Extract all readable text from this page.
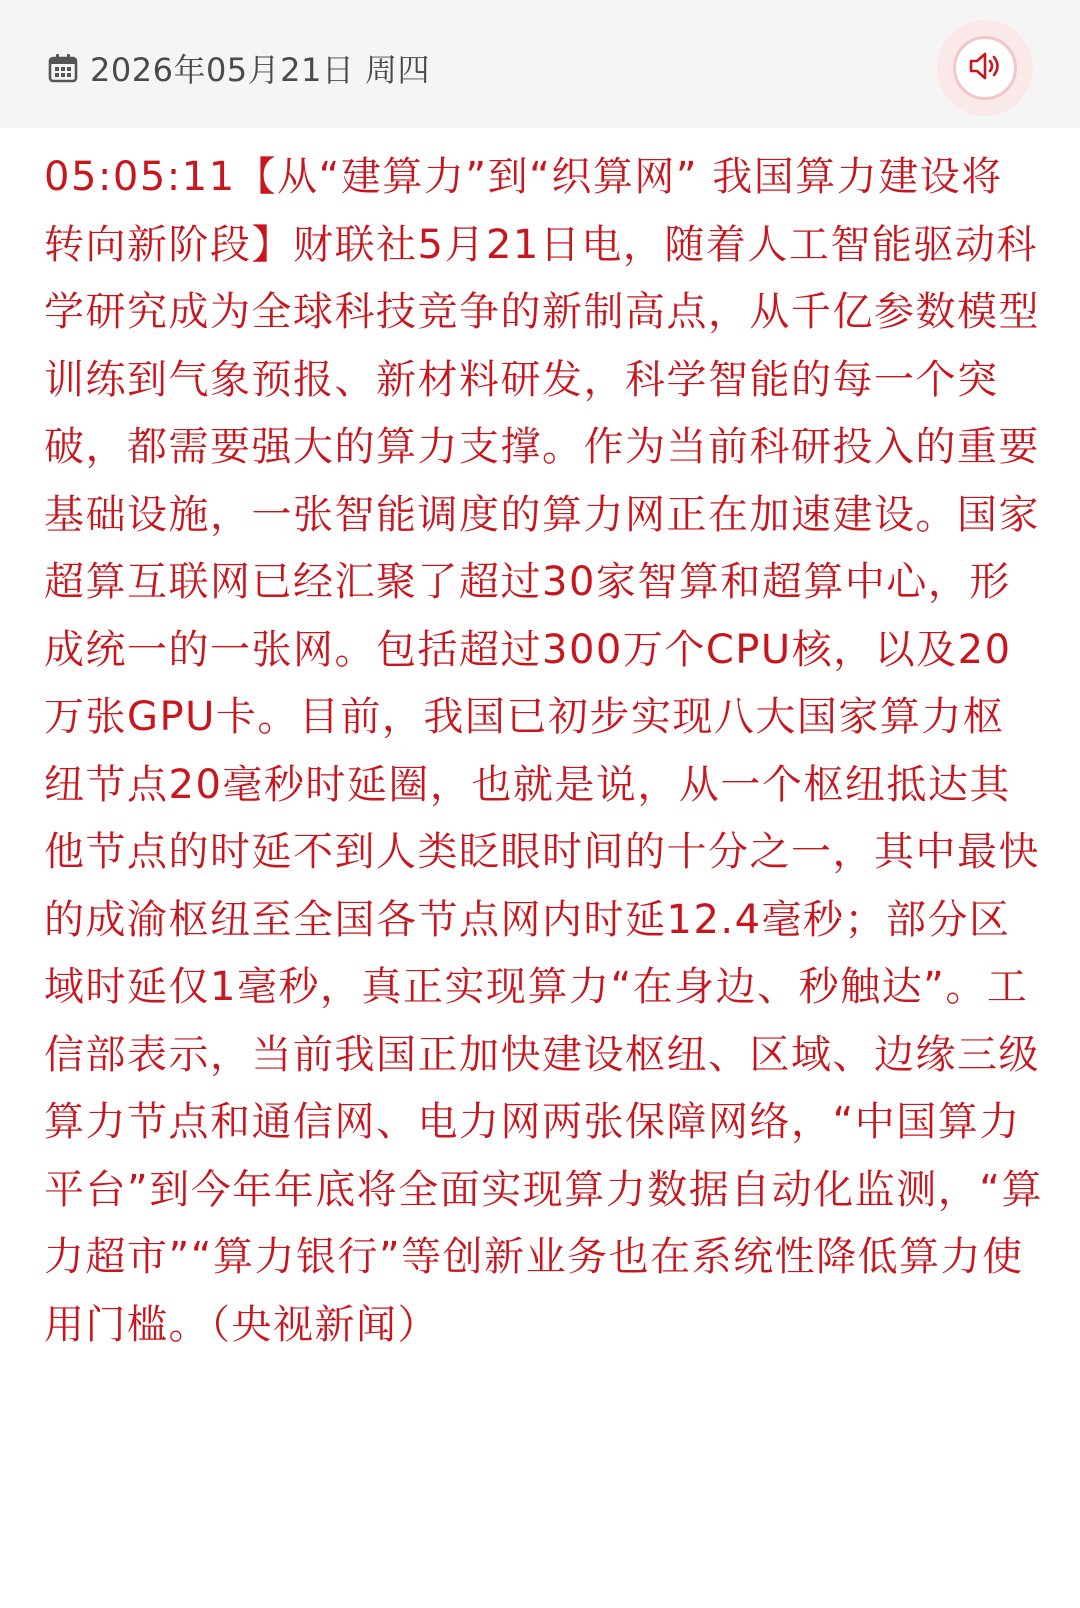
2026年05月21日 周四
05:05:11【从“建算力”到“织算网” 我国算力建设将转向新阶段】财联社5月21日电，随着人工智能驱动科学研究成为全球科技竞争的新制高点，从千亿参数模型训练到气象预报、新材料研发，科学智能的每一个突破，都需要强大的算力支撑。作为当前科研投入的重要基础设施，一张智能调度的算力网正在加速建设。国家超算互联网已经汇聚了超过30家智算和超算中心，形成统一的一张网。包括超过300万个CPU核，以及20万张GPU卡。目前，我国已初步实现八大国家算力枢纽节点20毫秒时延圈，也就是说，从一个枢纽抵达其他节点的时延不到人类眨眼时间的十分之一，其中最快的成渝枢纽至全国各节点网内时延12.4毫秒；部分区域时延仅1毫秒，真正实现算力“在身边、秒触达”。工信部表示，当前我国正加快建设枢纽、区域、边缘三级算力节点和通信网、电力网两张保障网络，“中国算力平台”到今年年底将全面实现算力数据自动化监测，“算力超市”“算力银行”等创新业务也在系统性降低算力使用门槛。（央视新闻）
